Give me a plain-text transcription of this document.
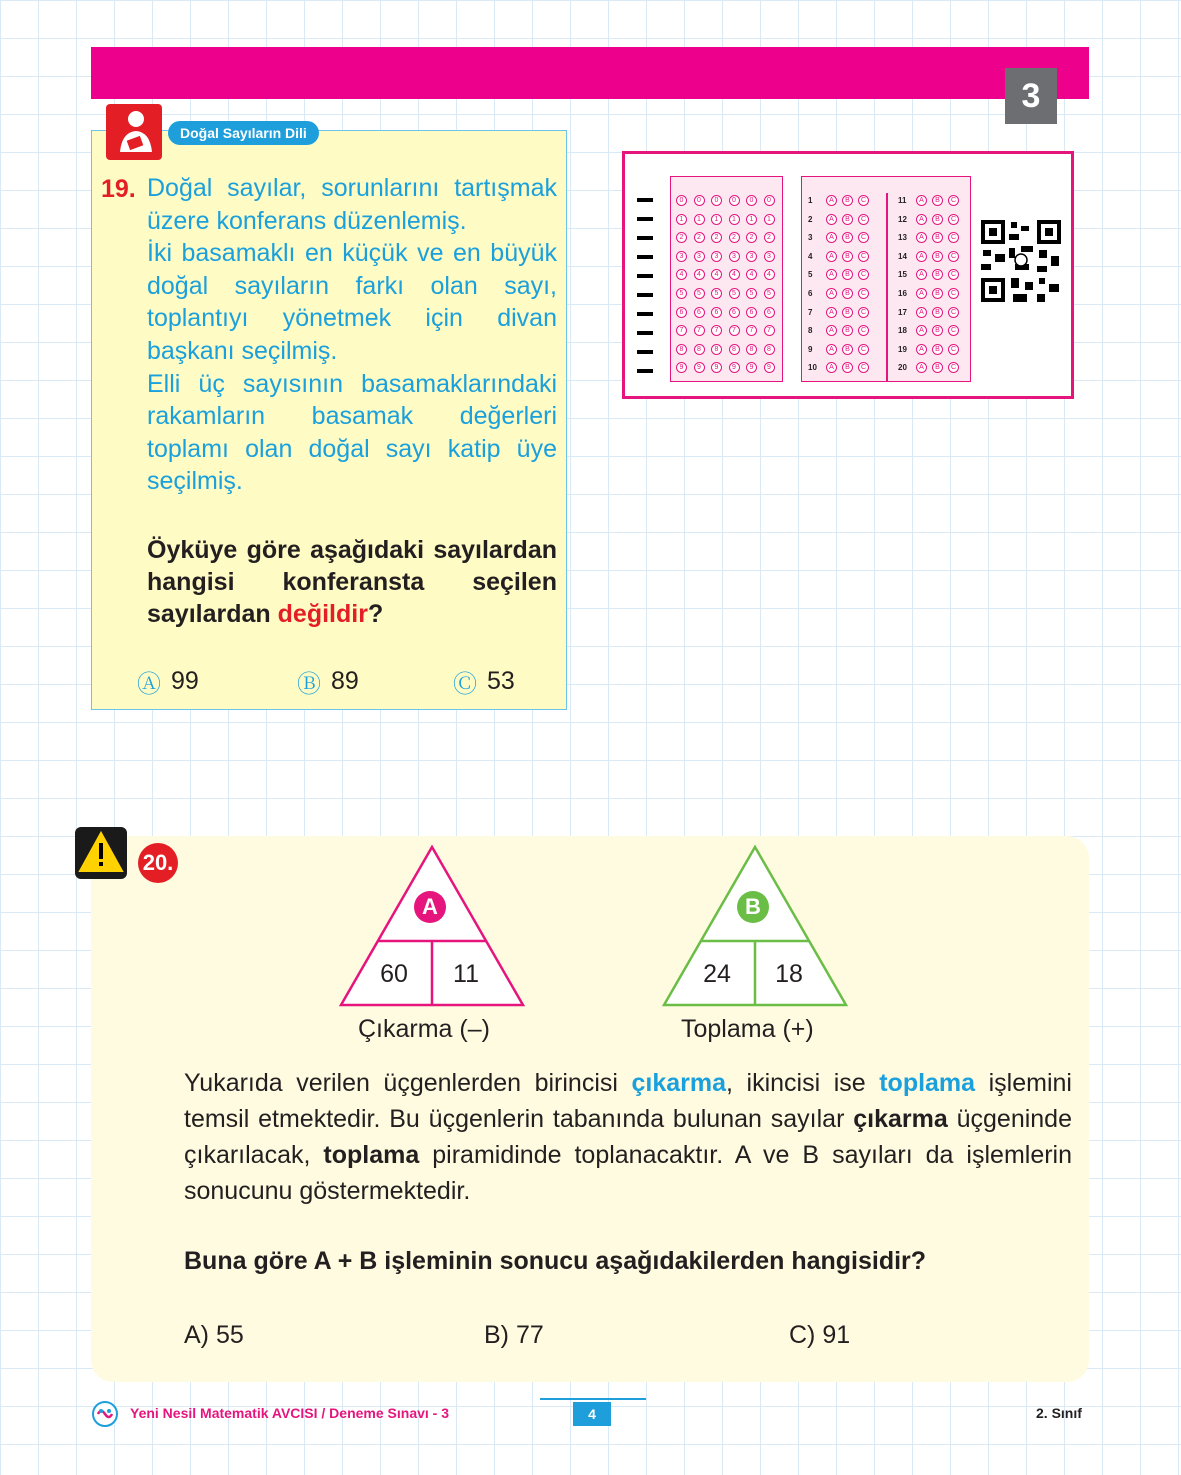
3
Doğal Sayıların Dili
19. Doğal sayılar, sorunlarını tartışmak üzere konferans düzenlemiş.

İki basamaklı en küçük ve en büyük doğal sayıların farkı olan sayı, toplantıyı yönetmek için divan başkanı seçilmiş.

Elli üç sayısının basamaklarındaki rakamların basamak değerleri toplamı olan doğal sayı katip üye seçilmiş.

Öyküye göre aşağıdaki sayılardan hangisi konferansta seçilen sayılardan değildir?
Ⓐ 99	Ⓑ 89	Ⓒ 53
0	0	0	0	0	0
1	1	1	1	1	1
2	2	2	2	2	2
3	3	3	3	3	3
4	4	4	4	4	4
5	5	5	5	5	5
6	6	6	6	6	6
7	7	7	7	7	7
8	8	8	8	8	8
9	9	9	9	9	9
1	A	B	C
2	A	B	C
3	A	B	C
4	A	B	C
5	A	B	C
6	A	B	C
7	A	B	C
8	A	B	C
9	A	B	C
10	A	B	C
11	A	B	C
12	A	B	C
13	A	B	C
14	A	B	C
15	A	B	C
16	A	B	C
17	A	B	C
18	A	B	C
19	A	B	C
20	A	B	C
20.
A
60	11
Çıkarma (–)
B
24	18
Toplama (+)

Yukarıda verilen üçgenlerden birincisi çıkarma, ikincisi ise toplama işlemini temsil etmektedir. Bu üçgenlerin tabanında bulunan sayılar çıkarma üçgeninde çıkarılacak, toplama piramidinde toplanacaktır. A ve B sayıları da işlemlerin sonucunu göstermektedir.

Buna göre A + B işleminin sonucu aşağıdakilerden hangisidir?
A) 55	B) 77	C) 91
Yeni Nesil Matematik AVCISI / Deneme Sınavı - 3	4	2. Sınıf
